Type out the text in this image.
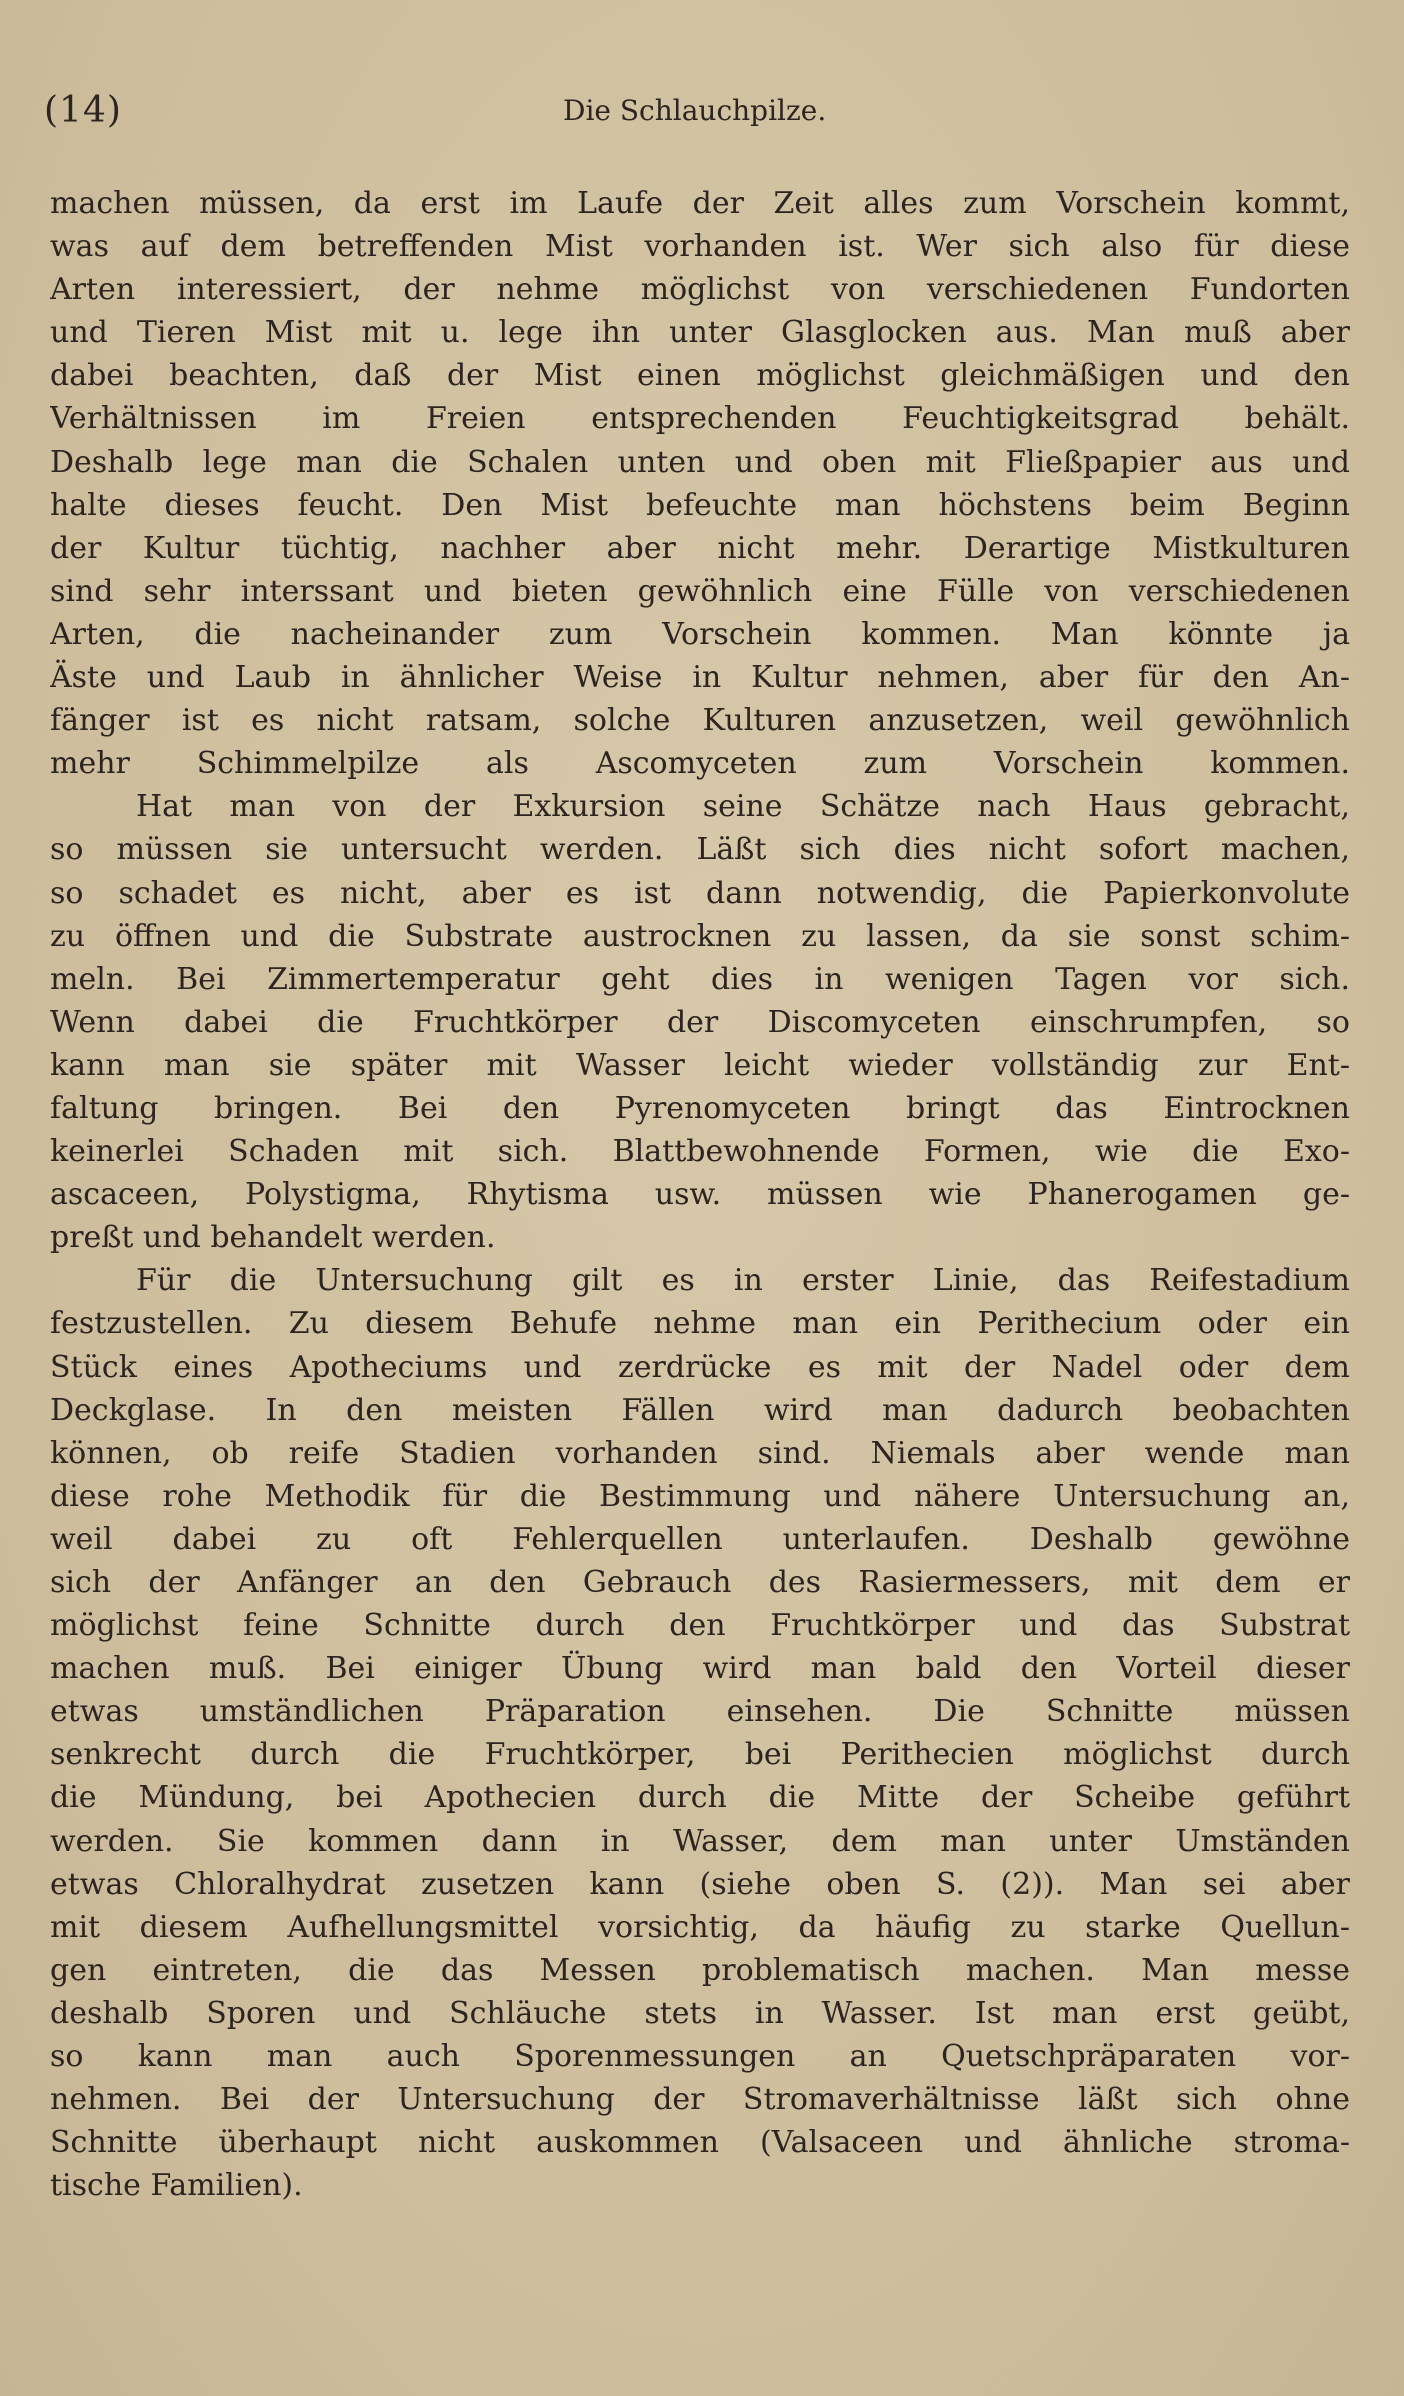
(14)	Die Schlauchpilze.
machen müssen, da erst im Laufe der Zeit alles zum Vorschein kommt,
was auf dem betreffenden Mist vorhanden ist. Wer sich also für diese
Arten interessiert, der nehme möglichst von verschiedenen Fundorten
und Tieren Mist mit u. lege ihn unter Glasglocken aus. Man muß aber
dabei beachten, daß der Mist einen möglichst gleichmäßigen und den
Verhältnissen im Freien entsprechenden Feuchtigkeitsgrad behält.
Deshalb lege man die Schalen unten und oben mit Fließpapier aus und
halte dieses feucht. Den Mist befeuchte man höchstens beim Beginn
der Kultur tüchtig, nachher aber nicht mehr. Derartige Mistkulturen
sind sehr interssant und bieten gewöhnlich eine Fülle von verschiedenen
Arten, die nacheinander zum Vorschein kommen. Man könnte ja
Äste und Laub in ähnlicher Weise in Kultur nehmen, aber für den An-
fänger ist es nicht ratsam, solche Kulturen anzusetzen, weil gewöhnlich
mehr Schimmelpilze als Ascomyceten zum Vorschein kommen.
Hat man von der Exkursion seine Schätze nach Haus gebracht,
so müssen sie untersucht werden. Läßt sich dies nicht sofort machen,
so schadet es nicht, aber es ist dann notwendig, die Papierkonvolute
zu öffnen und die Substrate austrocknen zu lassen, da sie sonst schim-
meln. Bei Zimmertemperatur geht dies in wenigen Tagen vor sich.
Wenn dabei die Fruchtkörper der Discomyceten einschrumpfen, so
kann man sie später mit Wasser leicht wieder vollständig zur Ent-
faltung bringen. Bei den Pyrenomyceten bringt das Eintrocknen
keinerlei Schaden mit sich. Blattbewohnende Formen, wie die Exo-
ascaceen, Polystigma, Rhytisma usw. müssen wie Phanerogamen ge-
preßt und behandelt werden.
Für die Untersuchung gilt es in erster Linie, das Reifestadium
festzustellen. Zu diesem Behufe nehme man ein Perithecium oder ein
Stück eines Apotheciums und zerdrücke es mit der Nadel oder dem
Deckglase. In den meisten Fällen wird man dadurch beobachten
können, ob reife Stadien vorhanden sind. Niemals aber wende man
diese rohe Methodik für die Bestimmung und nähere Untersuchung an,
weil dabei zu oft Fehlerquellen unterlaufen. Deshalb gewöhne
sich der Anfänger an den Gebrauch des Rasiermessers, mit dem er
möglichst feine Schnitte durch den Fruchtkörper und das Substrat
machen muß. Bei einiger Übung wird man bald den Vorteil dieser
etwas umständlichen Präparation einsehen. Die Schnitte müssen
senkrecht durch die Fruchtkörper, bei Perithecien möglichst durch
die Mündung, bei Apothecien durch die Mitte der Scheibe geführt
werden. Sie kommen dann in Wasser, dem man unter Umständen
etwas Chloralhydrat zusetzen kann (siehe oben S. (2)). Man sei aber
mit diesem Aufhellungsmittel vorsichtig, da häufig zu starke Quellun-
gen eintreten, die das Messen problematisch machen. Man messe
deshalb Sporen und Schläuche stets in Wasser. Ist man erst geübt,
so kann man auch Sporenmessungen an Quetschpräparaten vor-
nehmen. Bei der Untersuchung der Stromaverhältnisse läßt sich ohne
Schnitte überhaupt nicht auskommen (Valsaceen und ähnliche stroma-
tische Familien).
